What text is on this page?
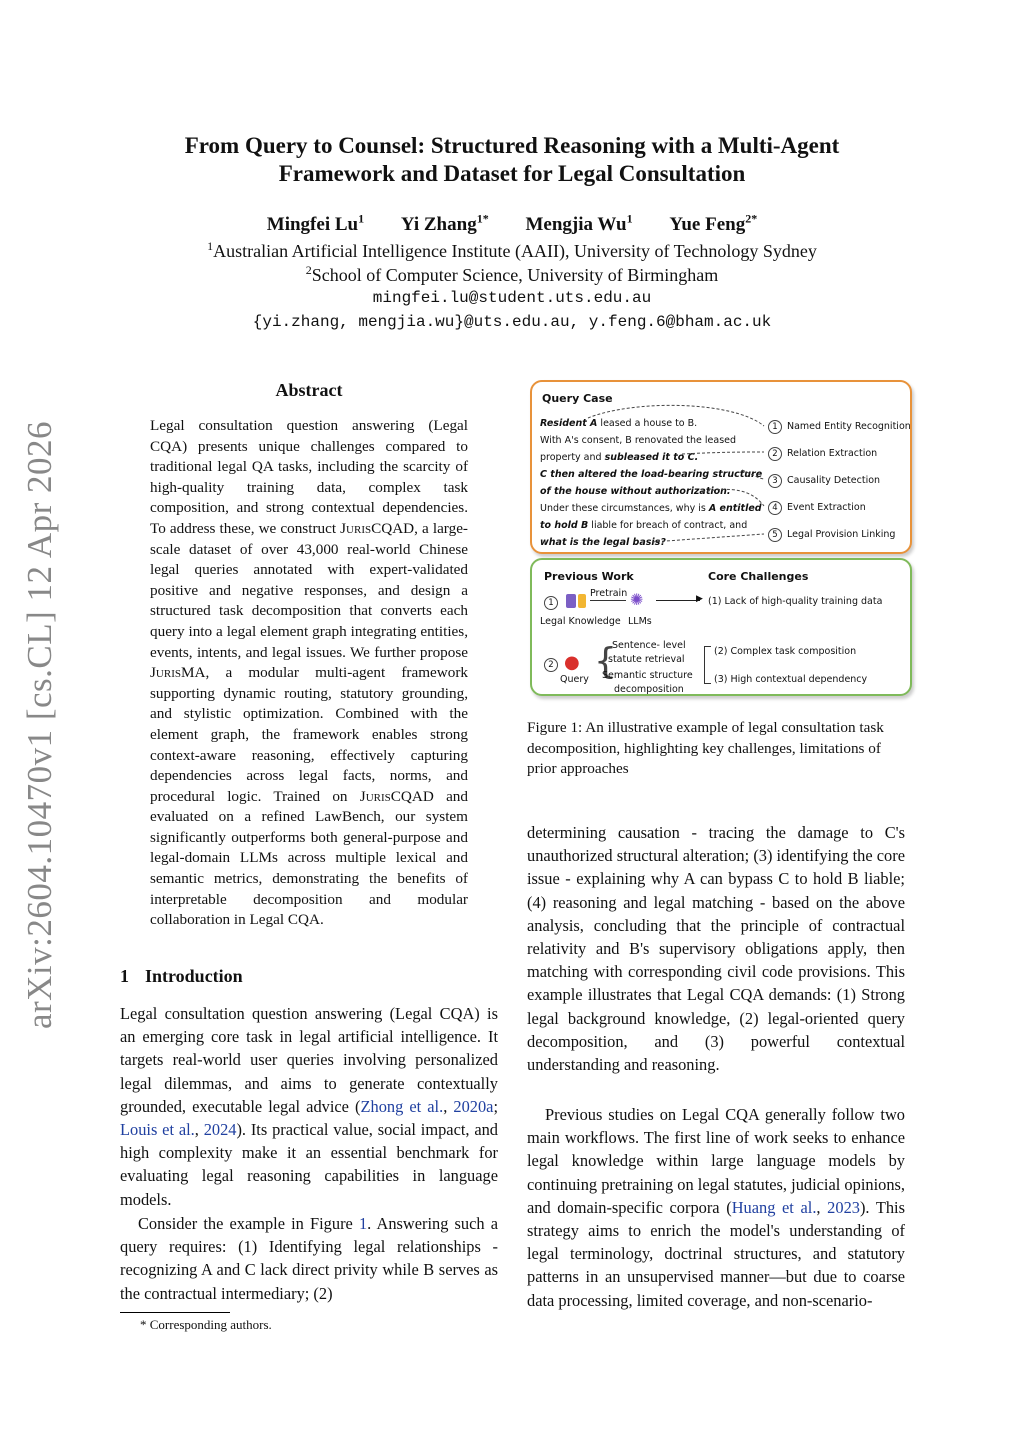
arXiv:2604.10470v1 [cs.CL] 12 Apr 2026
From Query to Counsel: Structured Reasoning with a Multi-Agent
Framework and Dataset for Legal Consultation
Mingfei Lu$^1$ Yi Zhang$^{1*}$ Mengjia Wu$^1$ Yue Feng$^{2*}$
$^1$Australian Artificial Intelligence Institute (AAII), University of Technology Sydney
$^2$School of Computer Science, University of Birmingham
mingfei.lu@student.uts.edu.au
{yi.zhang, mengjia.wu}@uts.edu.au, y.feng.6@bham.ac.uk
Abstract
Legal consultation question answering (Legal CQA) presents unique challenges compared to traditional legal QA tasks, including the scarcity of high-quality training data, complex task composition, and strong contextual dependencies. To address these, we construct JurisCQAD, a large-scale dataset of over 43,000 real-world Chinese legal queries annotated with expert-validated positive and negative responses, and design a structured task decomposition that converts each query into a legal element graph integrating entities, events, intents, and legal issues. We further propose JurisMA, a modular multi-agent framework supporting dynamic routing, statutory grounding, and stylistic optimization. Combined with the element graph, the framework enables strong context-aware reasoning, effectively capturing dependencies across legal facts, norms, and procedural logic. Trained on JurisCQAD and evaluated on a refined LawBench, our system significantly outperforms both general-purpose and legal-domain LLMs across multiple lexical and semantic metrics, demonstrating the benefits of interpretable decomposition and modular collaboration in Legal CQA.
1 Introduction
Legal consultation question answering (Legal CQA) is an emerging core task in legal artificial intelligence. It targets real-world user queries involving personalized legal dilemmas, and aims to generate contextually grounded, executable legal advice (Zhong et al., 2020a; Louis et al., 2024). Its practical value, social impact, and high complexity make it an essential benchmark for evaluating legal reasoning capabilities in language models.
Consider the example in Figure 1. Answering such a query requires: (1) Identifying legal relationships - recognizing A and C lack direct privity while B serves as the contractual intermediary; (2)
* Corresponding authors.
Query Case
Resident A leased a house to B.
With A's consent, B renovated the leased
property and subleased it to C.
C then altered the load-bearing structure
of the house without authorization.
Under these circumstances, why is A entitled
to hold B liable for breach of contract, and
what is the legal basis?
1 Named Entity Recognition
2 Relation Extraction
3 Causality Detection
4 Event Extraction
5 Legal Provision Linking
Previous Work	Core Challenges
1
Pretrain ✺
Legal Knowledge LLMs
▶ (1) Lack of high-quality training data
2 ●
Query {
Sentence- level
statute retrieval
Semantic structure
decomposition
(2) Complex task composition
(3) High contextual dependency
Figure 1: An illustrative example of legal consultation task decomposition, highlighting key challenges, limitations of prior approaches
determining causation - tracing the damage to C's unauthorized structural alteration; (3) identifying the core issue - explaining why A can bypass C to hold B liable; (4) reasoning and legal matching - based on the above analysis, concluding that the principle of contractual relativity and B's supervisory obligations apply, then matching with corresponding civil code provisions. This example illustrates that Legal CQA demands: (1) Strong legal background knowledge, (2) legal-oriented query decomposition, and (3) powerful contextual understanding and reasoning.
Previous studies on Legal CQA generally follow two main workflows. The first line of work seeks to enhance legal knowledge within large language models by continuing pretraining on legal statutes, judicial opinions, and domain-specific corpora (Huang et al., 2023). This strategy aims to enrich the model's understanding of legal terminology, doctrinal structures, and statutory patterns in an unsupervised manner—but due to coarse data processing, limited coverage, and non-scenario-
